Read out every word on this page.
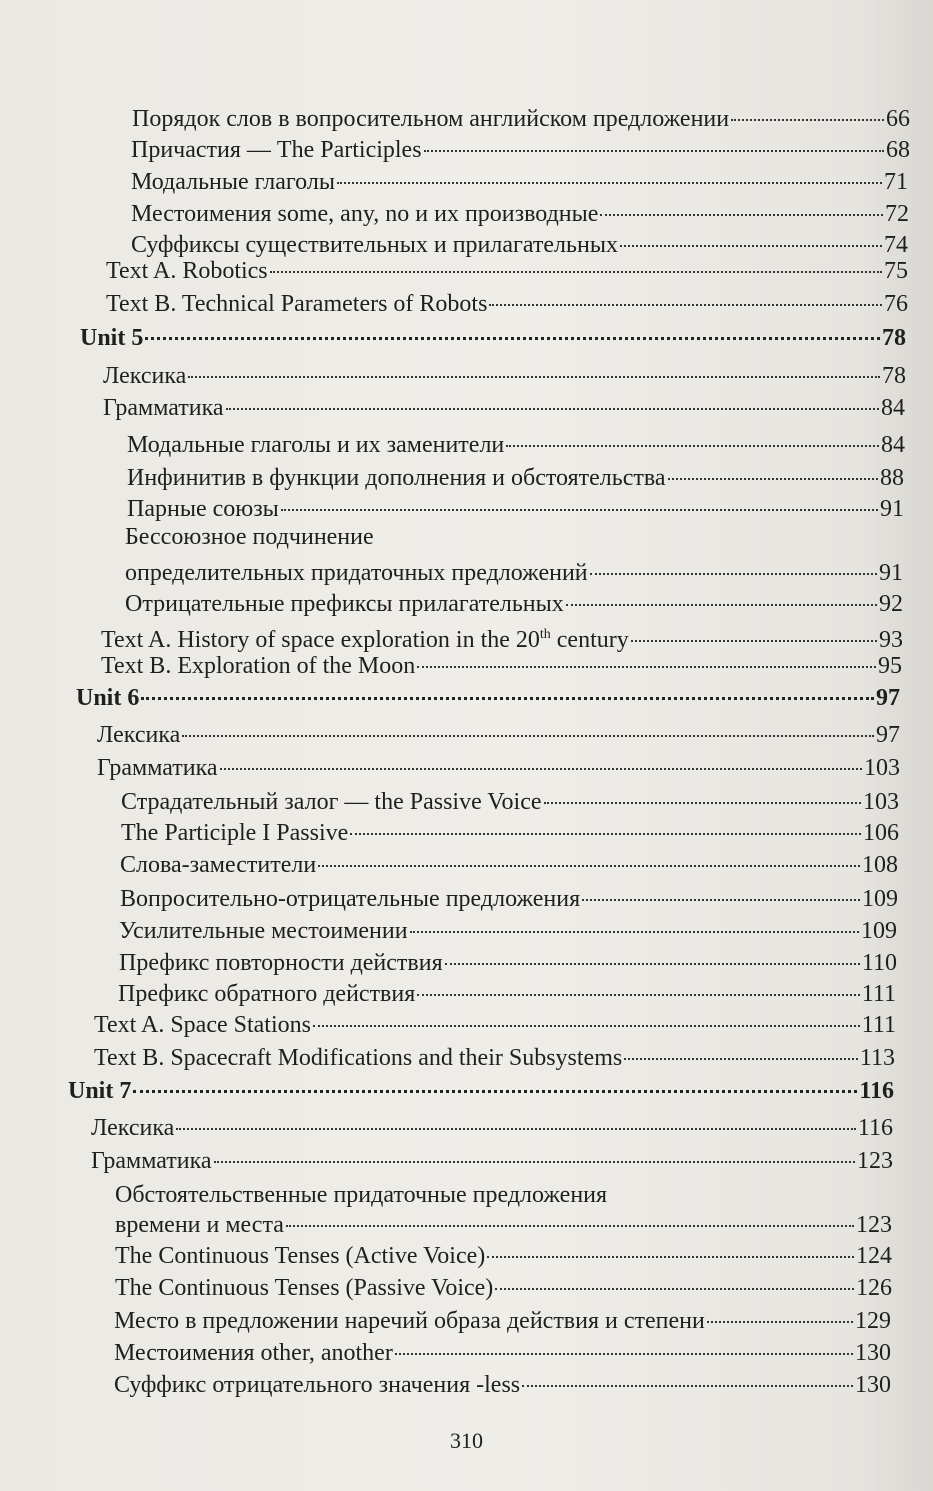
Порядок слов в вопросительном английском предложении	66
Причастия — The Participles	68
Модальные глаголы	71
Местоимения some, any, no и их производные	72
Суффиксы существительных и прилагательных	74
Text A. Robotics	75
Text B. Technical Parameters of Robots	76
Unit 5	78
Лексика	78
Грамматика	84
Модальные глаголы и их заменители	84
Инфинитив в функции дополнения и обстоятельства	88
Парные союзы	91
Бессоюзное подчинение
определительных придаточных предложений	91
Отрицательные префиксы прилагательных	92
Text A. History of space exploration in the 20th century	93
Text B. Exploration of the Moon	95
Unit 6	97
Лексика	97
Грамматика	103
Страдательный залог — the Passive Voice	103
The Participle I Passive	106
Слова-заместители	108
Вопросительно-отрицательные предложения	109
Усилительные местоимении	109
Префикс повторности действия	110
Префикс обратного действия	111
Text A. Space Stations	111
Text B. Spacecraft Modifications and their Subsystems	113
Unit 7	116
Лексика	116
Грамматика	123
Обстоятельственные придаточные предложения
времени и места	123
The Continuous Tenses (Active Voice)	124
The Continuous Tenses (Passive Voice)	126
Место в предложении наречий образа действия и степени	129
Местоимения other, another	130
Суффикс отрицательного значения -less	130
310
